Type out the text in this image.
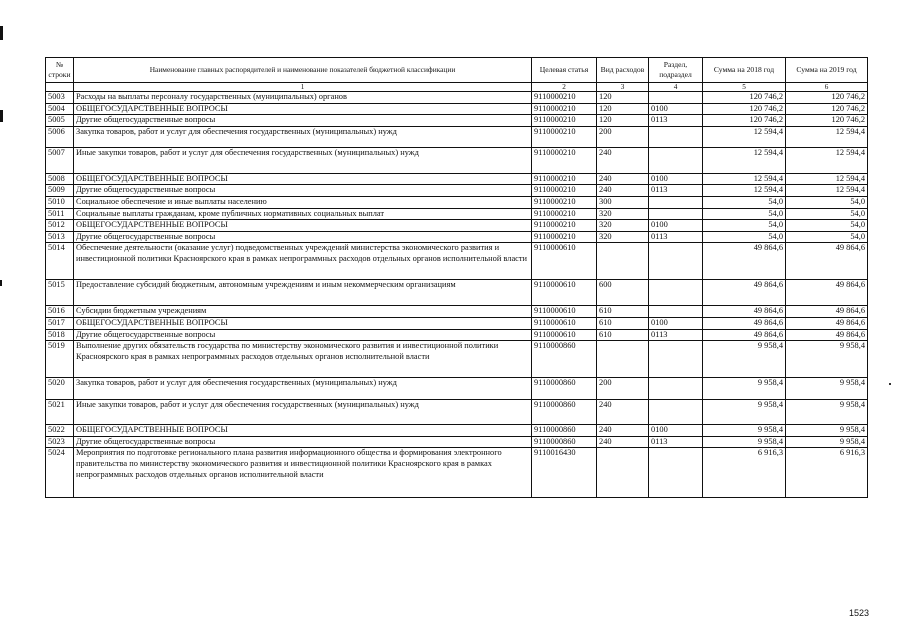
№ строки	Наименование главных распорядителей и наименование показателей бюджетной классификации	Целевая статья	Вид расходов	Раздел, подраздел	Сумма на 2018 год	Сумма на 2019 год
	1	2	3	4	5	6
5003	Расходы на выплаты персоналу государственных (муниципальных) органов	9110000210	120		120 746,2	120 746,2
5004	ОБЩЕГОСУДАРСТВЕННЫЕ ВОПРОСЫ	9110000210	120	0100	120 746,2	120 746,2
5005	Другие общегосударственные вопросы	9110000210	120	0113	120 746,2	120 746,2
5006	Закупка товаров, работ и услуг для обеспечения государственных (муниципальных) нужд	9110000210	200		12 594,4	12 594,4
5007	Иные закупки товаров, работ и услуг для обеспечения государственных (муниципальных) нужд	9110000210	240		12 594,4	12 594,4
5008	ОБЩЕГОСУДАРСТВЕННЫЕ ВОПРОСЫ	9110000210	240	0100	12 594,4	12 594,4
5009	Другие общегосударственные вопросы	9110000210	240	0113	12 594,4	12 594,4
5010	Социальное обеспечение и иные выплаты населению	9110000210	300		54,0	54,0
5011	Социальные выплаты гражданам, кроме публичных нормативных социальных выплат	9110000210	320		54,0	54,0
5012	ОБЩЕГОСУДАРСТВЕННЫЕ ВОПРОСЫ	9110000210	320	0100	54,0	54,0
5013	Другие общегосударственные вопросы	9110000210	320	0113	54,0	54,0
5014	Обеспечение деятельности (оказание услуг) подведомственных учреждений министерства экономического развития и инвестиционной политики Красноярского края в рамках непрограммных расходов отдельных органов исполнительной власти	9110000610			49 864,6	49 864,6
5015	Предоставление субсидий бюджетным, автономным учреждениям и иным некоммерческим организациям	9110000610	600		49 864,6	49 864,6
5016	Субсидии бюджетным учреждениям	9110000610	610		49 864,6	49 864,6
5017	ОБЩЕГОСУДАРСТВЕННЫЕ ВОПРОСЫ	9110000610	610	0100	49 864,6	49 864,6
5018	Другие общегосударственные вопросы	9110000610	610	0113	49 864,6	49 864,6
5019	Выполнение других обязательств государства по министерству экономического развития и инвестиционной политики Красноярского края в рамках непрограммных расходов отдельных органов исполнительной власти	9110000860			9 958,4	9 958,4
5020	Закупка товаров, работ и услуг для обеспечения государственных (муниципальных) нужд	9110000860	200		9 958,4	9 958,4
5021	Иные закупки товаров, работ и услуг для обеспечения государственных (муниципальных) нужд	9110000860	240		9 958,4	9 958,4
5022	ОБЩЕГОСУДАРСТВЕННЫЕ ВОПРОСЫ	9110000860	240	0100	9 958,4	9 958,4
5023	Другие общегосударственные вопросы	9110000860	240	0113	9 958,4	9 958,4
5024	Мероприятия по подготовке регионального плана развития информационного общества и формирования электронного правительства по министерству экономического развития и инвестиционной политики Красноярского края в рамках непрограммных расходов отдельных органов исполнительной власти	9110016430			6 916,3	6 916,3
1523
